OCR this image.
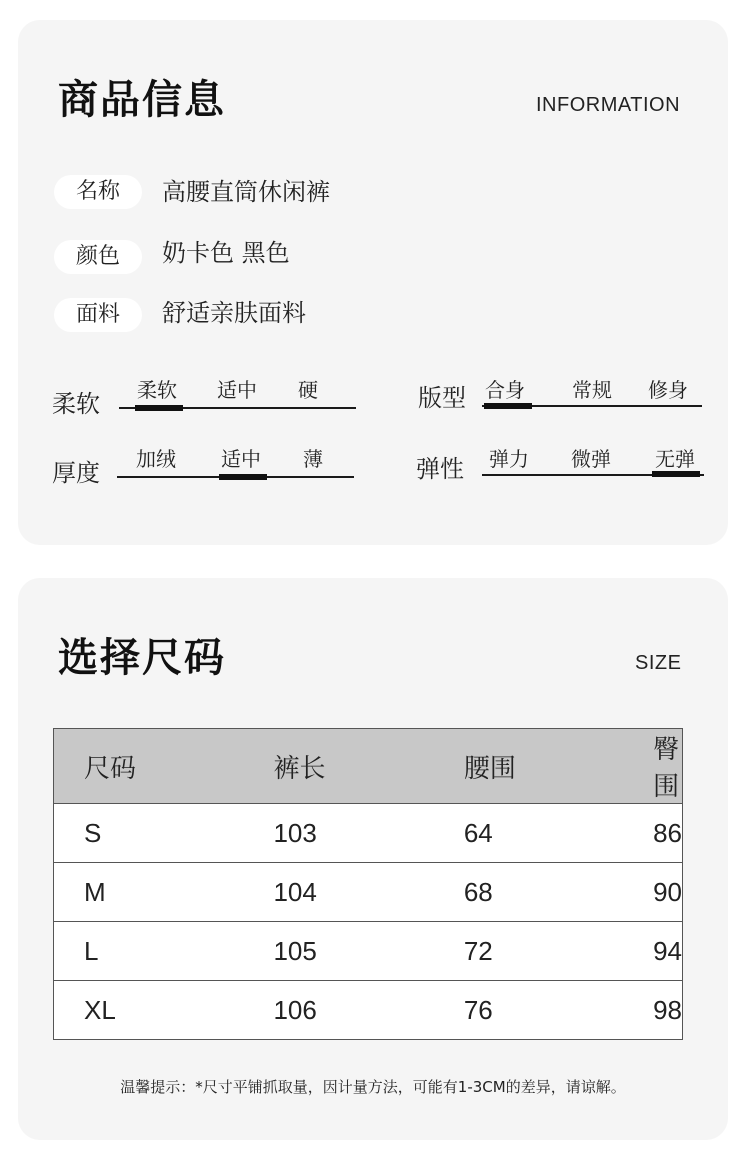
商品信息	INFORMATION
名称	高腰直筒休闲裤
颜色	奶卡色 黑色
面料	舒适亲肤面料
柔软 柔软 适中 硬	版型 合身 常规 修身
厚度 加绒 适中 薄	弹性 弹力 微弹 无弹
选择尺码	SIZE
尺码	裤长	腰围	臀围
S	103	64	86
M	104	68	90
L	105	72	94
XL	106	76	98
温馨提示：*尺寸平铺抓取量，因计量方法，可能有1-3CM的差异，请谅解。
